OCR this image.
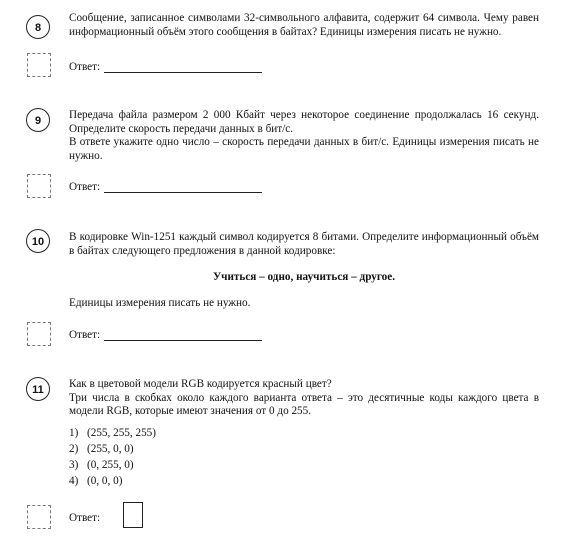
8

Сообщение, записанное символами 32-символьного алфавита, содержит 64 символа. Чему равен информационный объём этого сообщения в байтах? Единицы измерения писать не нужно.

Ответ:
9	Передача файла размером 2 000 Кбайт через некоторое соединение продолжалась 16 секунд. Определите скорость передачи данных в бит/c.

В ответе укажите одно число – скорость передачи данных в бит/с. Единицы измерения писать не нужно.

Ответ:
10	В кодировке Win-1251 каждый символ кодируется 8 битами. Определите информационный объём в байтах следующего предложения в данной кодировке:

Учиться – одно, научиться – другое.
Единицы измерения писать не нужно.
Ответ:
11	Как в цветовой модели RGB кодируется красный цвет?

Три числа в скобках около каждого варианта ответа – это десятичные коды каждого цвета в модели RGB, которые имеют значения от 0 до 255.

1) (255, 255, 255)
2) (255, 0, 0)
3) (0, 255, 0)
4) (0, 0, 0)
Ответ:
